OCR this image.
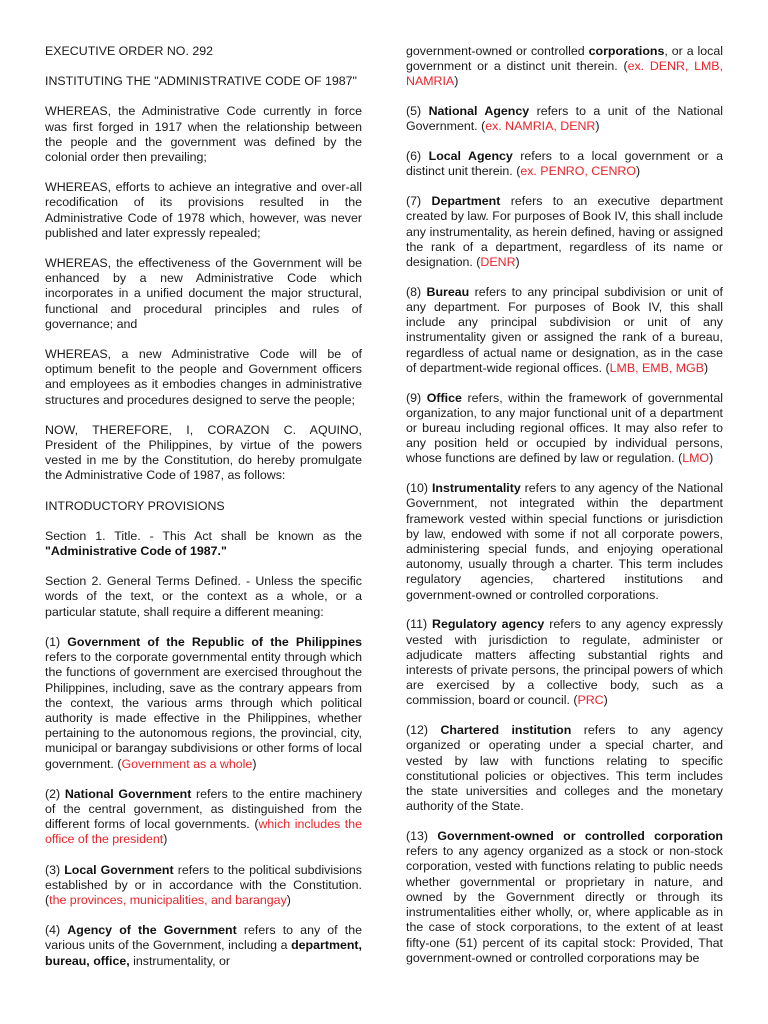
EXECUTIVE ORDER NO. 292

INSTITUTING THE "ADMINISTRATIVE CODE OF 1987"

WHEREAS, the Administrative Code currently in force was first forged in 1917 when the relationship between the people and the government was defined by the colonial order then prevailing;

WHEREAS, efforts to achieve an integrative and over-all recodification of its provisions resulted in the Administrative Code of 1978 which, however, was never published and later expressly repealed;

WHEREAS, the effectiveness of the Government will be enhanced by a new Administrative Code which incorporates in a unified document the major structural, functional and procedural principles and rules of governance; and

WHEREAS, a new Administrative Code will be of optimum benefit to the people and Government officers and employees as it embodies changes in administrative structures and procedures designed to serve the people;

NOW, THEREFORE, I, CORAZON C. AQUINO, President of the Philippines, by virtue of the powers vested in me by the Constitution, do hereby promulgate the Administrative Code of 1987, as follows:

INTRODUCTORY PROVISIONS

Section 1. Title. - This Act shall be known as the "Administrative Code of 1987."

Section 2. General Terms Defined. - Unless the specific words of the text, or the context as a whole, or a particular statute, shall require a different meaning:

(1) Government of the Republic of the Philippines refers to the corporate governmental entity through which the functions of government are exercised throughout the Philippines, including, save as the contrary appears from the context, the various arms through which political authority is made effective in the Philippines, whether pertaining to the autonomous regions, the provincial, city, municipal or barangay subdivisions or other forms of local government. (Government as a whole)

(2) National Government refers to the entire machinery of the central government, as distinguished from the different forms of local governments. (which includes the office of the president)

(3) Local Government refers to the political subdivisions established by or in accordance with the Constitution. (the provinces, municipalities, and barangay)

(4) Agency of the Government refers to any of the various units of the Government, including a department, bureau, office, instrumentality, or

government-owned or controlled corporations, or a local government or a distinct unit therein. (ex. DENR, LMB, NAMRIA)

(5) National Agency refers to a unit of the National Government. (ex. NAMRIA, DENR)

(6) Local Agency refers to a local government or a distinct unit therein. (ex. PENRO, CENRO)

(7) Department refers to an executive department created by law. For purposes of Book IV, this shall include any instrumentality, as herein defined, having or assigned the rank of a department, regardless of its name or designation. (DENR)

(8) Bureau refers to any principal subdivision or unit of any department. For purposes of Book IV, this shall include any principal subdivision or unit of any instrumentality given or assigned the rank of a bureau, regardless of actual name or designation, as in the case of department-wide regional offices. (LMB, EMB, MGB)

(9) Office refers, within the framework of governmental organization, to any major functional unit of a department or bureau including regional offices. It may also refer to any position held or occupied by individual persons, whose functions are defined by law or regulation. (LMO)

(10) Instrumentality refers to any agency of the National Government, not integrated within the department framework vested within special functions or jurisdiction by law, endowed with some if not all corporate powers, administering special funds, and enjoying operational autonomy, usually through a charter. This term includes regulatory agencies, chartered institutions and government-owned or controlled corporations.

(11) Regulatory agency refers to any agency expressly vested with jurisdiction to regulate, administer or adjudicate matters affecting substantial rights and interests of private persons, the principal powers of which are exercised by a collective body, such as a commission, board or council. (PRC)

(12) Chartered institution refers to any agency organized or operating under a special charter, and vested by law with functions relating to specific constitutional policies or objectives. This term includes the state universities and colleges and the monetary authority of the State.

(13) Government-owned or controlled corporation refers to any agency organized as a stock or non-stock corporation, vested with functions relating to public needs whether governmental or proprietary in nature, and owned by the Government directly or through its instrumentalities either wholly, or, where applicable as in the case of stock corporations, to the extent of at least fifty-one (51) percent of its capital stock: Provided, That government-owned or controlled corporations may be
